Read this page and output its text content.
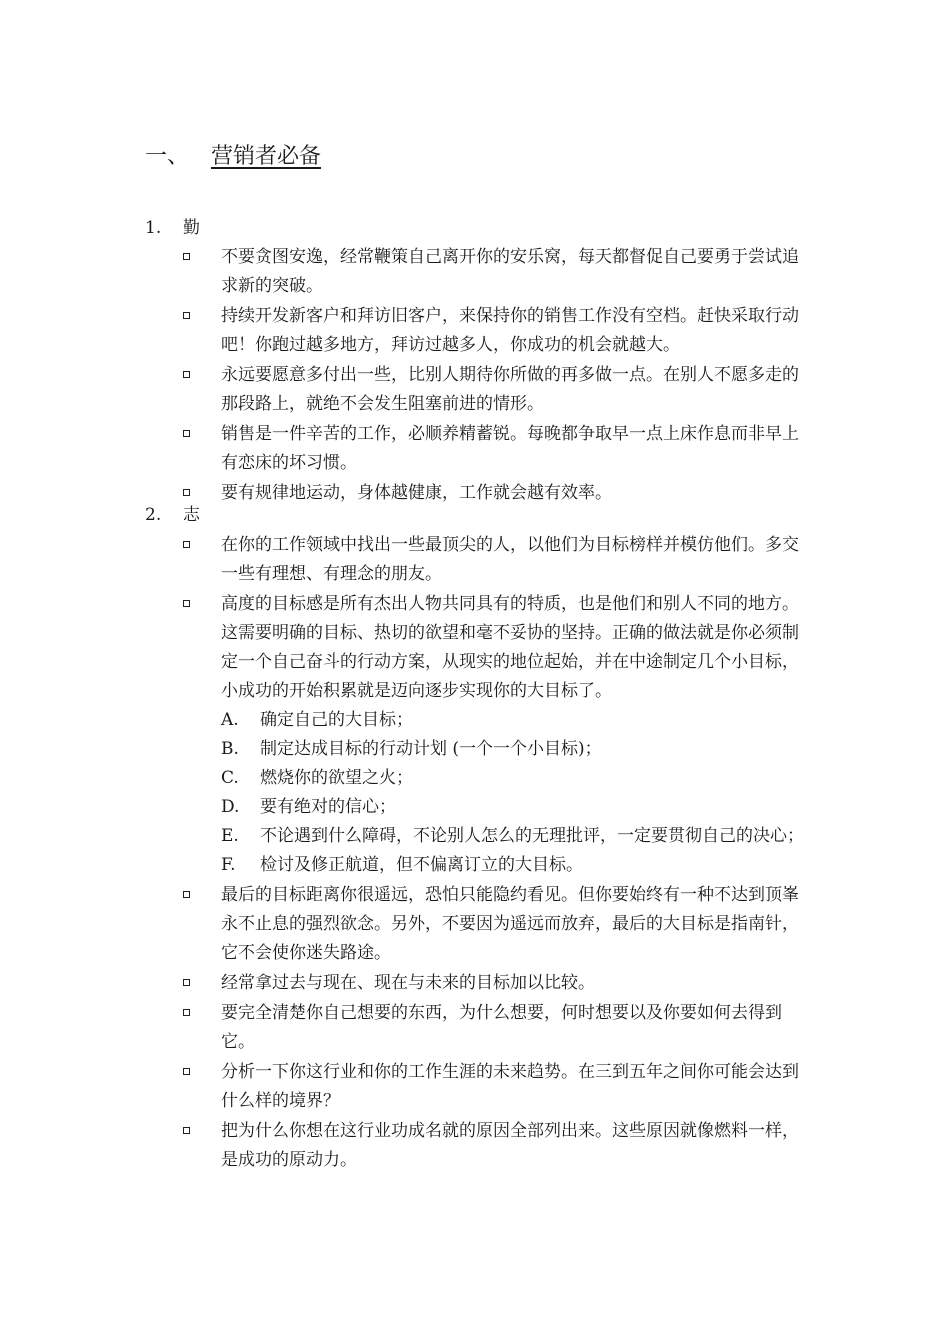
一、 营销者必备
1. 勤
不要贪图安逸，经常鞭策自己离开你的安乐窝，每天都督促自己要勇于尝试追求新的突破。
持续开发新客户和拜访旧客户，来保持你的销售工作没有空档。赶快采取行动吧！你跑过越多地方，拜访过越多人，你成功的机会就越大。
永远要愿意多付出一些，比别人期待你所做的再多做一点。在别人不愿多走的那段路上，就绝不会发生阻塞前进的情形。
销售是一件辛苦的工作，必顺养精蓄锐。每晚都争取早一点上床作息而非早上有恋床的坏习惯。
要有规律地运动，身体越健康，工作就会越有效率。
2. 志
在你的工作领域中找出一些最顶尖的人，以他们为目标榜样并模仿他们。多交一些有理想、有理念的朋友。
高度的目标感是所有杰出人物共同具有的特质，也是他们和别人不同的地方。这需要明确的目标、热切的欲望和毫不妥协的坚持。正确的做法就是你必须制定一个自己奋斗的行动方案，从现实的地位起始，并在中途制定几个小目标，小成功的开始积累就是迈向逐步实现你的大目标了。
A. 确定自己的大目标；
B. 制定达成目标的行动计划 (一个一个小目标)；
C. 燃烧你的欲望之火；
D. 要有绝对的信心；
E. 不论遇到什么障碍，不论别人怎么的无理批评，一定要贯彻自己的决心；
F. 检讨及修正航道，但不偏离订立的大目标。
最后的目标距离你很遥远，恐怕只能隐约看见。但你要始终有一种不达到顶峯永不止息的强烈欲念。另外，不要因为遥远而放弃，最后的大目标是指南针，它不会使你迷失路途。
经常拿过去与现在、现在与未来的目标加以比较。
要完全清楚你自己想要的东西，为什么想要，何时想要以及你要如何去得到它。
分析一下你这行业和你的工作生涯的未来趋势。在三到五年之间你可能会达到什么样的境界？
把为什么你想在这行业功成名就的原因全部列出来。这些原因就像燃料一样，是成功的原动力。
